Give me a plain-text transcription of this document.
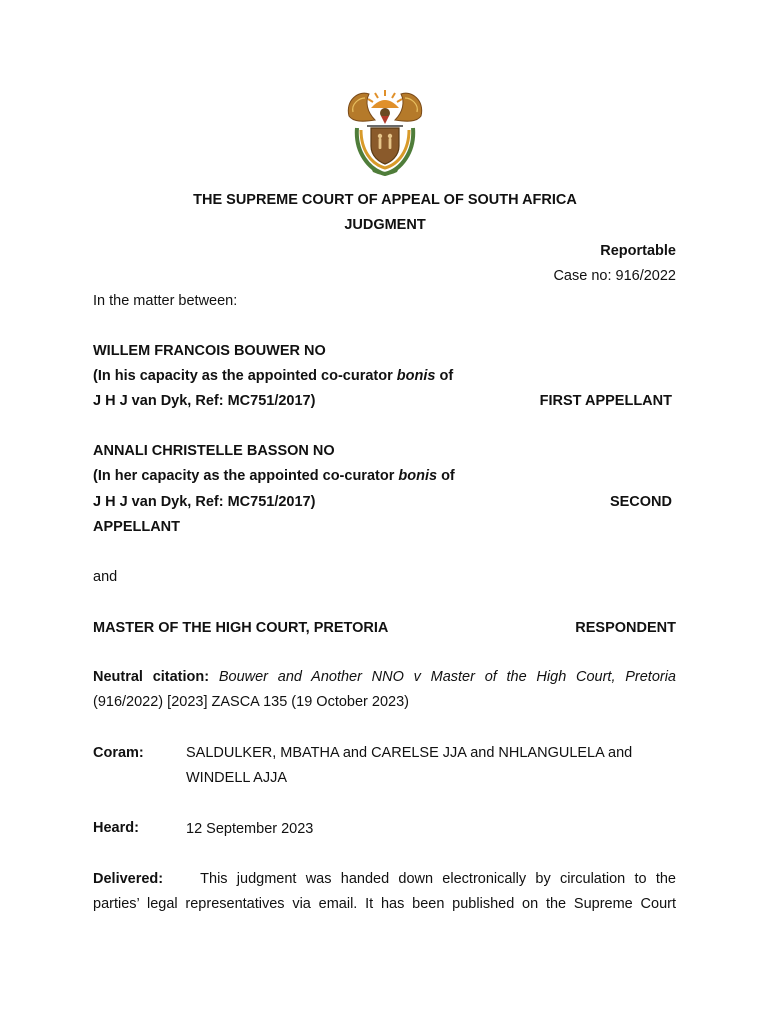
THE SUPREME COURT OF APPEAL OF SOUTH AFRICA
JUDGMENT
Reportable
Case no: 916/2022
In the matter between:
WILLEM FRANCOIS BOUWER NO
(In his capacity as the appointed co-curator bonis of
J H J van Dyk, Ref: MC751/2017)	FIRST APPELLANT
ANNALI CHRISTELLE BASSON NO
(In her capacity as the appointed co-curator bonis of
J H J van Dyk, Ref: MC751/2017)	SECOND
APPELLANT
and
MASTER OF THE HIGH COURT, PRETORIA	RESPONDENT
Neutral citation: Bouwer and Another NNO v Master of the High Court, Pretoria (916/2022) [2023] ZASCA 135 (19 October 2023)
Coram:	SALDULKER, MBATHA and CARELSE JJA and NHLANGULELA and
WINDELL AJJA
Heard:	12 September 2023
Delivered:	This judgment was handed down electronically by circulation to the
parties’ legal representatives via email. It has been published on the Supreme Court
